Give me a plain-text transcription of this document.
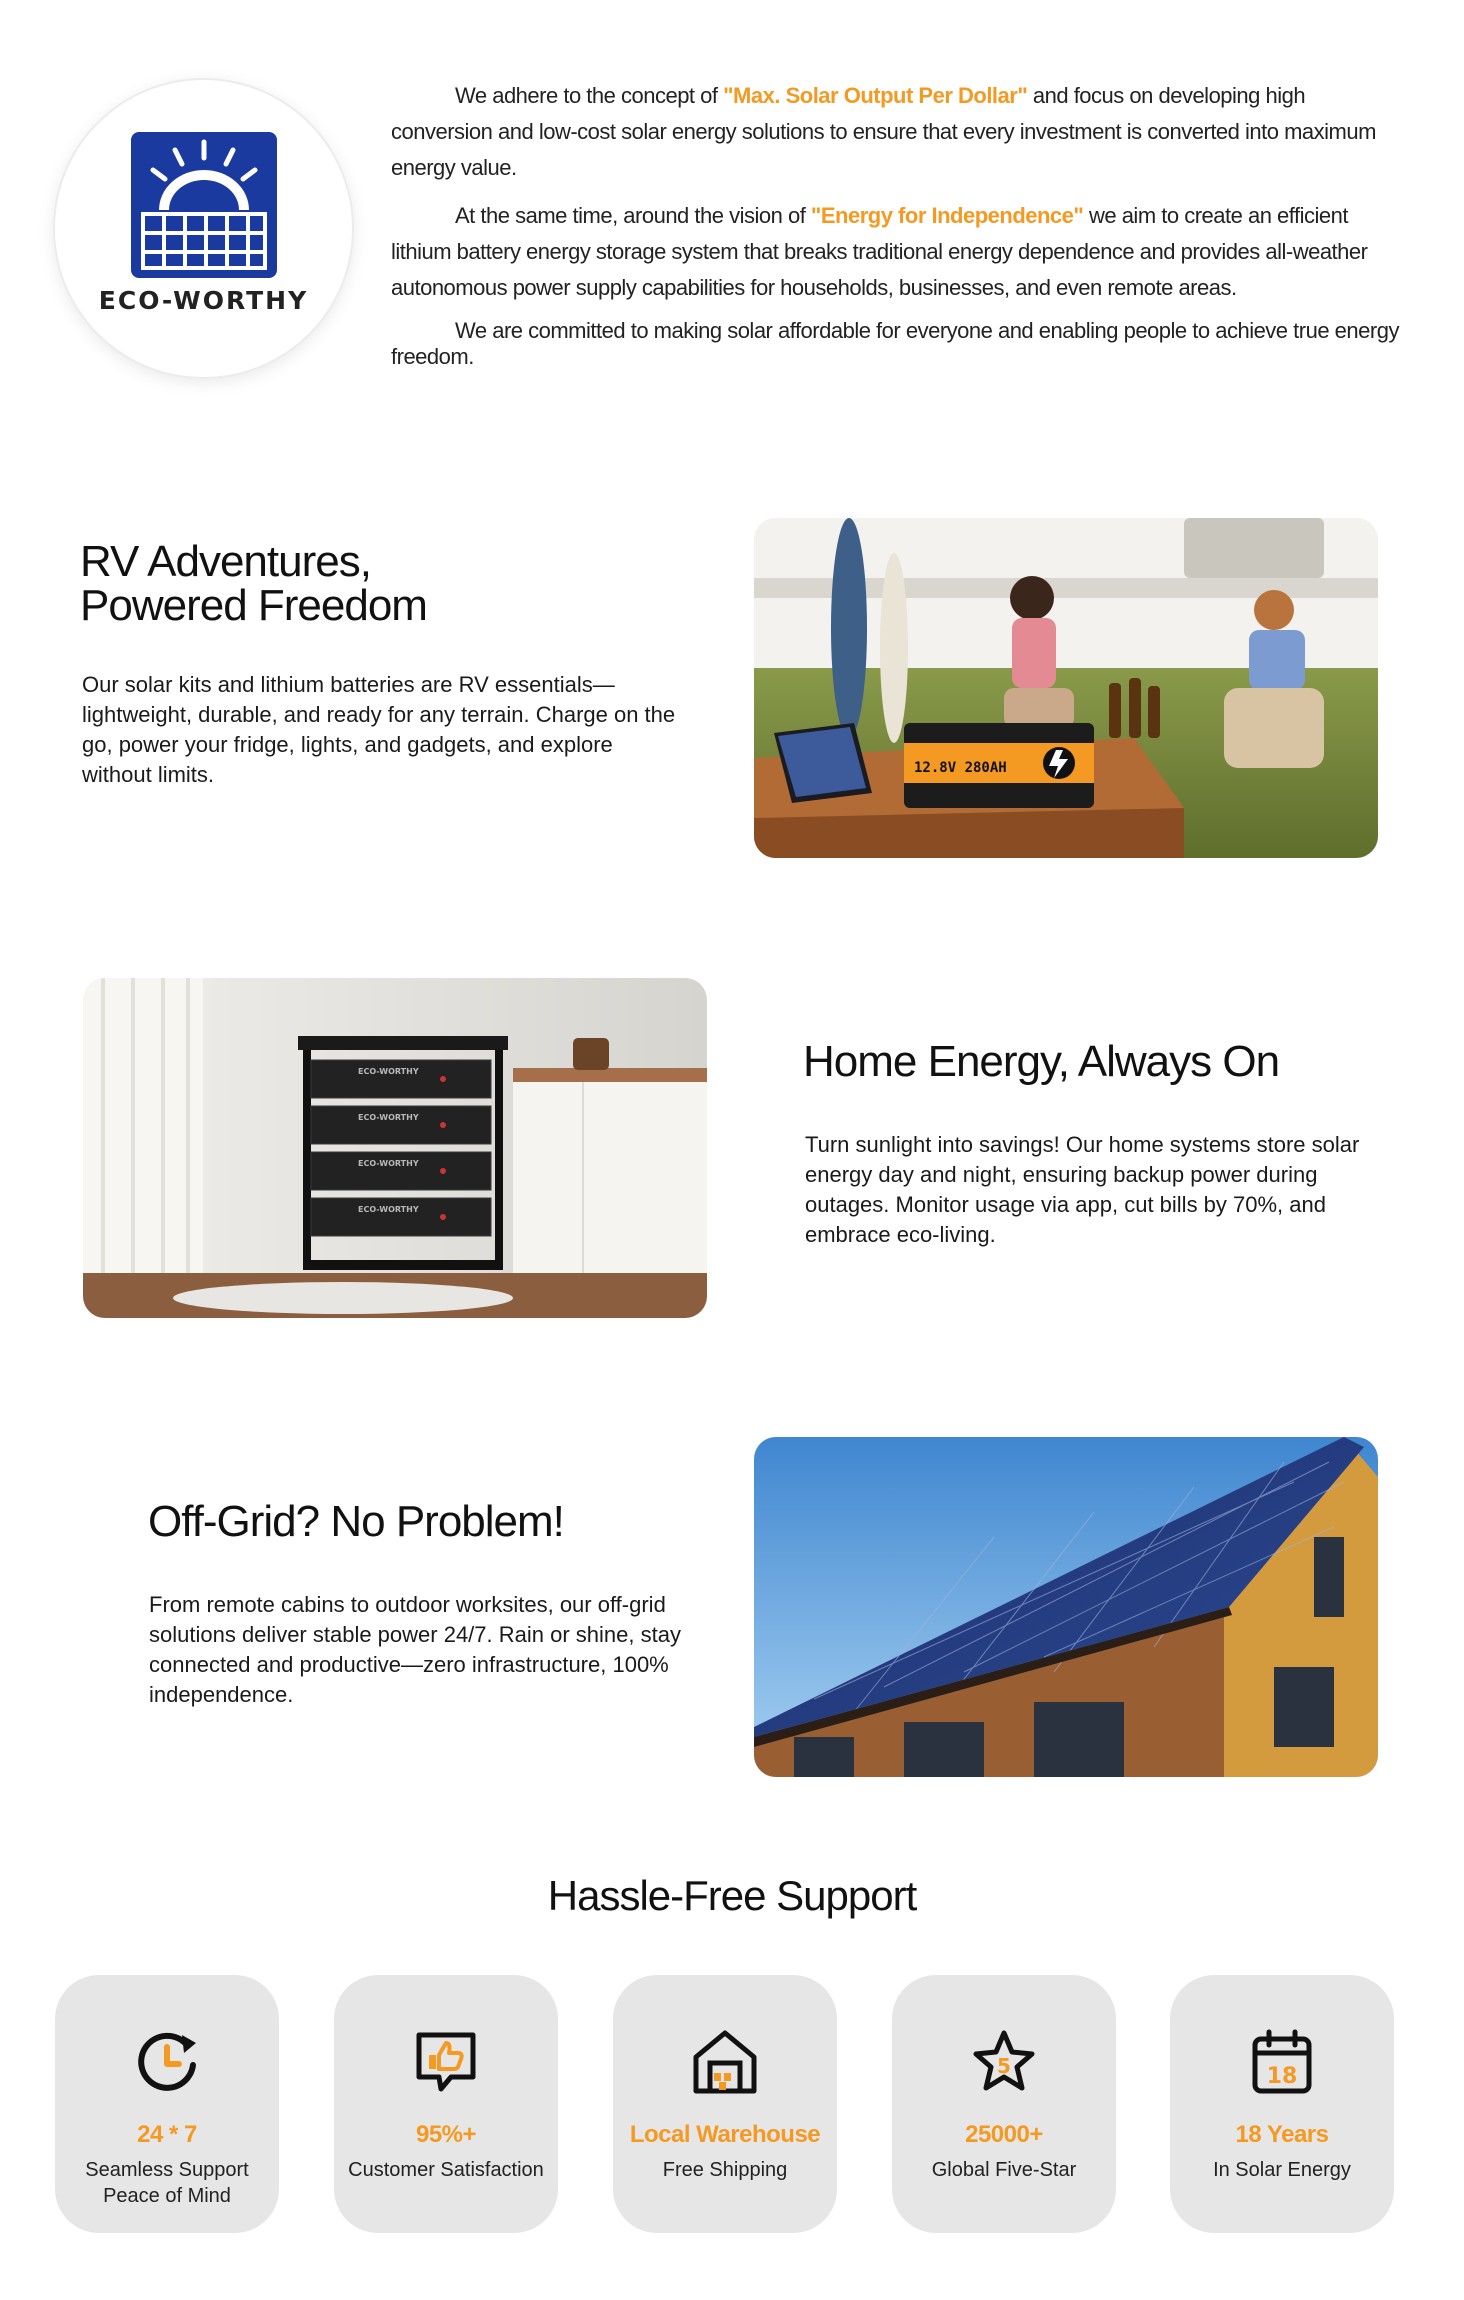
ECO-WORTHY

We adhere to the concept of "Max. Solar Output Per Dollar" and focus on developing high conversion and low-cost solar energy solutions to ensure that every investment is converted into maximum energy value.

At the same time, around the vision of "Energy for Independence" we aim to create an efficient lithium battery energy storage system that breaks traditional energy dependence and provides all-weather autonomous power supply capabilities for households, businesses, and even remote areas.

We are committed to making solar affordable for everyone and enabling people to achieve true energy freedom.

RV Adventures,
Powered Freedom
Our solar kits and lithium batteries are RV essentials—lightweight, durable, and ready for any terrain. Charge on the go, power your fridge, lights, and gadgets, and explore without limits.	12.8V 280AH
ECO-WORTHY
ECO-WORTHY
ECO-WORTHY
ECO-WORTHY
Home Energy, Always On
Turn sunlight into savings! Our home systems store solar energy day and night, ensuring backup power during outages. Monitor usage via app, cut bills by 70%, and embrace eco-living.
Off-Grid? No Problem!
From remote cabins to outdoor worksites, our off-grid solutions deliver stable power 24/7. Rain or shine, stay connected and productive—zero infrastructure, 100% independence.
Hassle-Free Support
24 * 7
Seamless Support
Peace of Mind
95%+
Customer Satisfaction
Local Warehouse
Free Shipping
5
25000+
Global Five-Star
18
18 Years
In Solar Energy
